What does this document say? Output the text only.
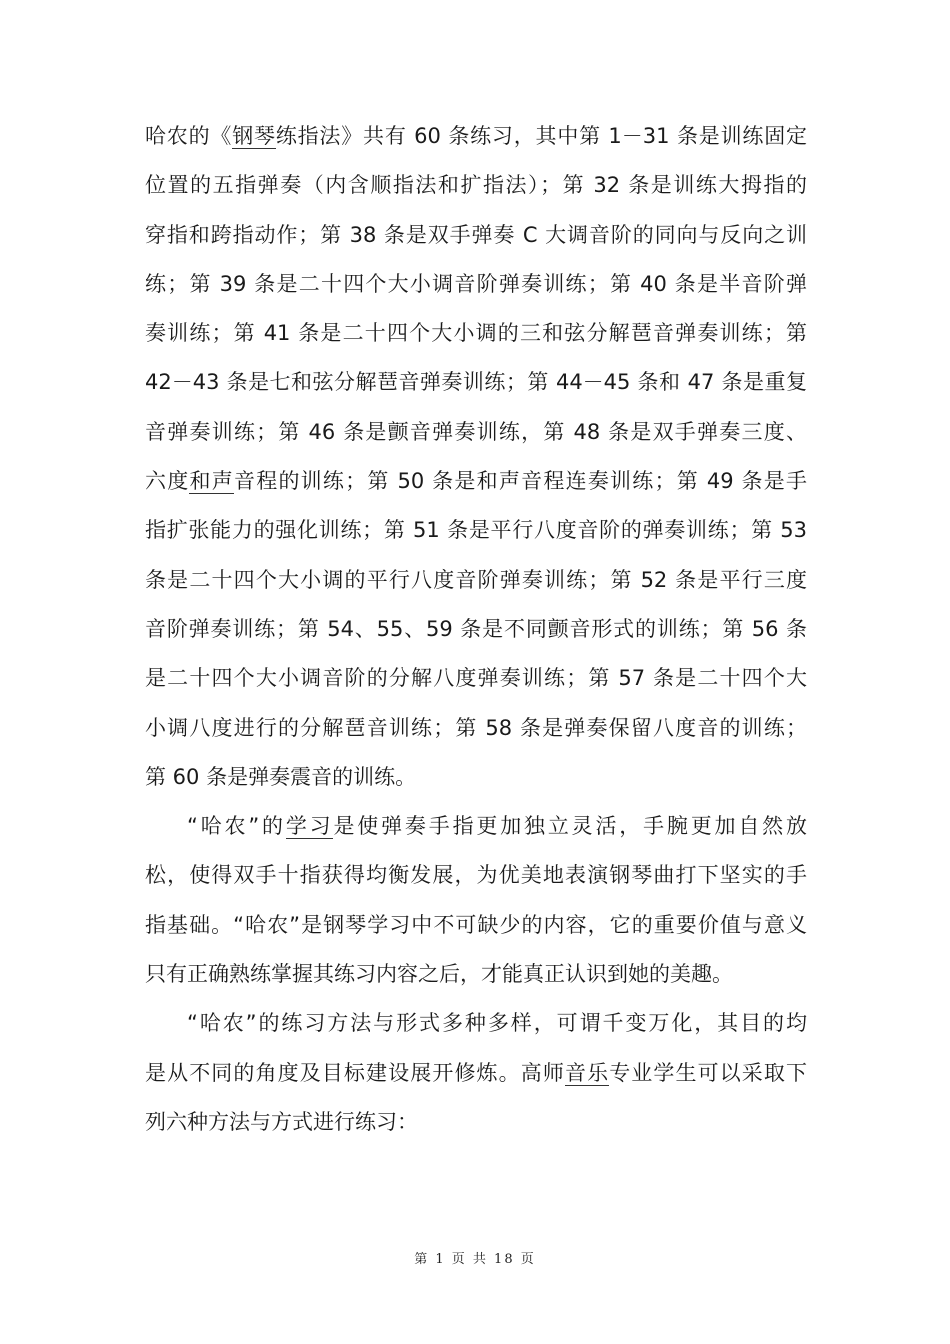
哈农的《钢琴练指法》共有 60 条练习，其中第 1－31 条是训练固定
位置的五指弹奏（内含顺指法和扩指法）；第 32 条是训练大拇指的
穿指和跨指动作；第 38 条是双手弹奏 C 大调音阶的同向与反向之训
练；第 39 条是二十四个大小调音阶弹奏训练；第 40 条是半音阶弹
奏训练；第 41 条是二十四个大小调的三和弦分解琶音弹奏训练；第
42－43 条是七和弦分解琶音弹奏训练；第 44－45 条和 47 条是重复
音弹奏训练；第 46 条是颤音弹奏训练，第 48 条是双手弹奏三度、
六度和声音程的训练；第 50 条是和声音程连奏训练；第 49 条是手
指扩张能力的强化训练；第 51 条是平行八度音阶的弹奏训练；第 53
条是二十四个大小调的平行八度音阶弹奏训练；第 52 条是平行三度
音阶弹奏训练；第 54、55、59 条是不同颤音形式的训练；第 56 条
是二十四个大小调音阶的分解八度弹奏训练；第 57 条是二十四个大
小调八度进行的分解琶音训练；第 58 条是弹奏保留八度音的训练；
第 60 条是弹奏震音的训练。
“哈农”的学习是使弹奏手指更加独立灵活，手腕更加自然放
松，使得双手十指获得均衡发展，为优美地表演钢琴曲打下坚实的手
指基础。“哈农”是钢琴学习中不可缺少的内容，它的重要价值与意义
只有正确熟练掌握其练习内容之后，才能真正认识到她的美趣。
“哈农”的练习方法与形式多种多样，可谓千变万化，其目的均
是从不同的角度及目标建设展开修炼。高师音乐专业学生可以采取下
列六种方法与方式进行练习：
第 1 页 共 18 页
